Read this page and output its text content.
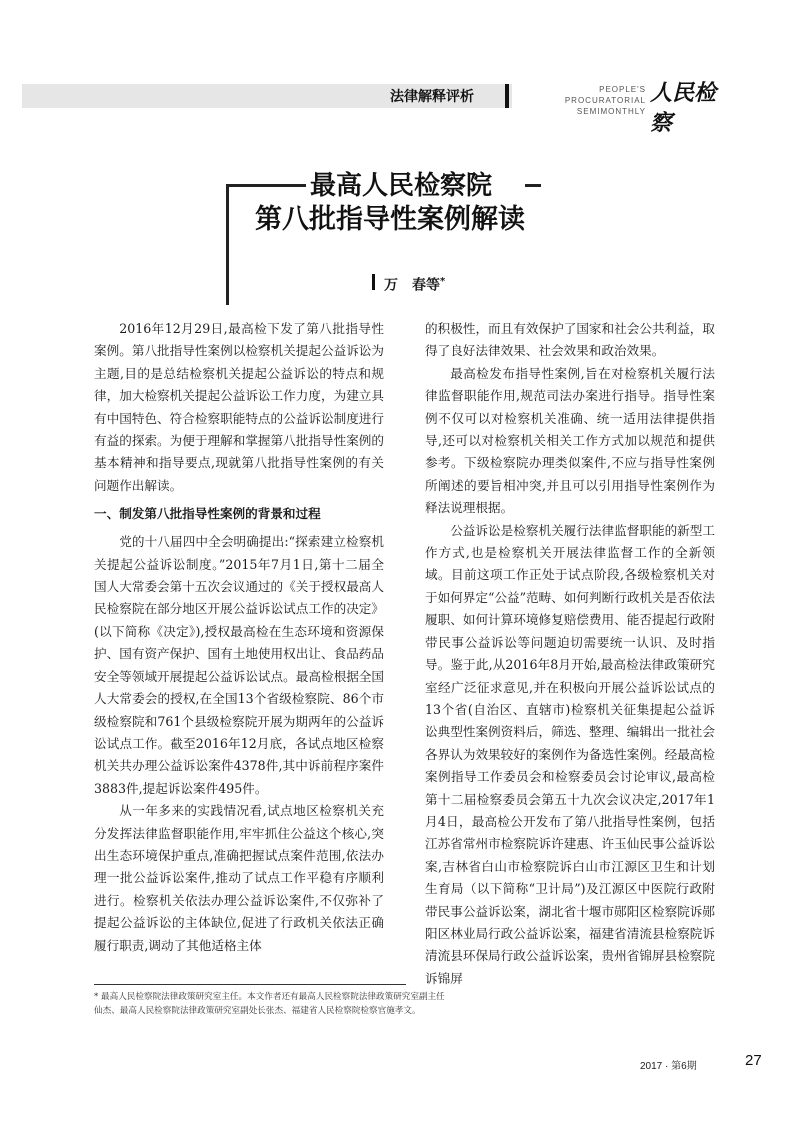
法律解释评析	PEOPLE'S PROCURATORIAL
SEMIMONTHLY
人民检察
最高人民检察院
第八批指导性案例解读
万　春等*

2016年12月29日,最高检下发了第八批指导性案例。第八批指导性案例以检察机关提起公益诉讼为主题,目的是总结检察机关提起公益诉讼的特点和规律，加大检察机关提起公益诉讼工作力度，为建立具有中国特色、符合检察职能特点的公益诉讼制度进行有益的探索。为便于理解和掌握第八批指导性案例的基本精神和指导要点,现就第八批指导性案例的有关问题作出解读。

一、制发第八批指导性案例的背景和过程

党的十八届四中全会明确提出:“探索建立检察机关提起公益诉讼制度。”2015年7月1日,第十二届全国人大常委会第十五次会议通过的《关于授权最高人民检察院在部分地区开展公益诉讼试点工作的决定》(以下简称《决定》),授权最高检在生态环境和资源保护、国有资产保护、国有土地使用权出让、食品药品安全等领域开展提起公益诉讼试点。最高检根据全国人大常委会的授权,在全国13个省级检察院、86个市级检察院和761个县级检察院开展为期两年的公益诉讼试点工作。截至2016年12月底，各试点地区检察机关共办理公益诉讼案件4378件,其中诉前程序案件3883件,提起诉讼案件495件。

从一年多来的实践情况看,试点地区检察机关充分发挥法律监督职能作用,牢牢抓住公益这个核心,突出生态环境保护重点,准确把握试点案件范围,依法办理一批公益诉讼案件,推动了试点工作平稳有序顺利进行。检察机关依法办理公益诉讼案件,不仅弥补了提起公益诉讼的主体缺位,促进了行政机关依法正确履行职责,调动了其他适格主体

的积极性，而且有效保护了国家和社会公共利益，取得了良好法律效果、社会效果和政治效果。

最高检发布指导性案例,旨在对检察机关履行法律监督职能作用,规范司法办案进行指导。指导性案例不仅可以对检察机关准确、统一适用法律提供指导,还可以对检察机关相关工作方式加以规范和提供参考。下级检察院办理类似案件,不应与指导性案例所阐述的要旨相冲突,并且可以引用指导性案例作为释法说理根据。

公益诉讼是检察机关履行法律监督职能的新型工作方式,也是检察机关开展法律监督工作的全新领域。目前这项工作正处于试点阶段,各级检察机关对于如何界定“公益”范畴、如何判断行政机关是否依法履职、如何计算环境修复赔偿费用、能否提起行政附带民事公益诉讼等问题迫切需要统一认识、及时指导。鉴于此,从2016年8月开始,最高检法律政策研究室经广泛征求意见,并在积极向开展公益诉讼试点的13个省(自治区、直辖市)检察机关征集提起公益诉讼典型性案例资料后，筛选、整理、编辑出一批社会各界认为效果较好的案例作为备选性案例。经最高检案例指导工作委员会和检察委员会讨论审议,最高检第十二届检察委员会第五十九次会议决定,2017年1月4日，最高检公开发布了第八批指导性案例，包括江苏省常州市检察院诉许建惠、许玉仙民事公益诉讼案,吉林省白山市检察院诉白山市江源区卫生和计划生育局（以下简称“卫计局”)及江源区中医院行政附带民事公益诉讼案，湖北省十堰市郧阳区检察院诉郧阳区林业局行政公益诉讼案，福建省清流县检察院诉清流县环保局行政公益诉讼案，贵州省锦屏县检察院诉锦屏

* 最高人民检察院法律政策研究室主任。本文作者还有最高人民检察院法律政策研究室副主任

仙杰、最高人民检察院法律政策研究室副处长张杰、福建省人民检察院检察官施孝文。

2017 · 第6期	27
